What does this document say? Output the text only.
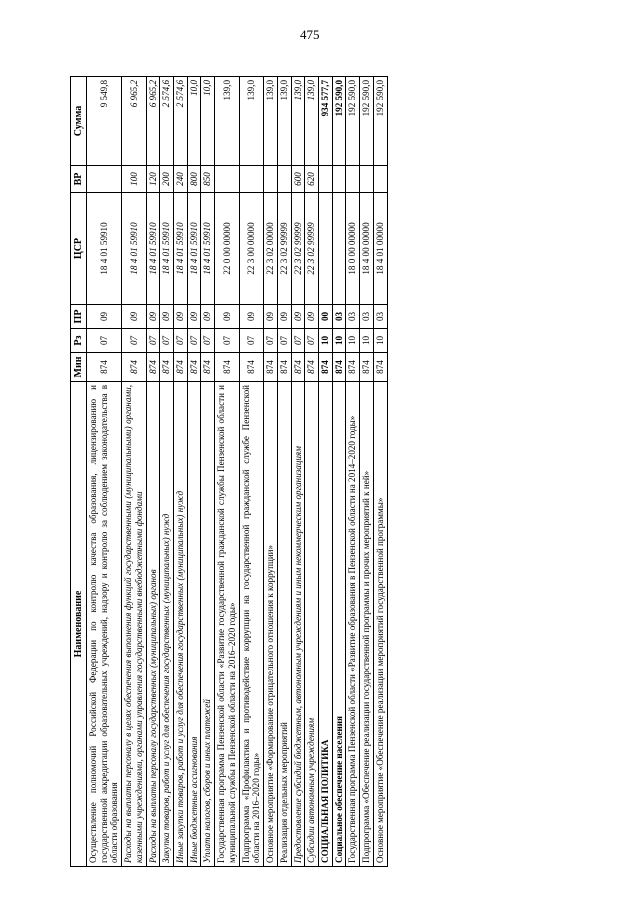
475
Наименование	Мин	Рз	ПР	ЦСР	ВР	Сумма
Осуществление полномочий Российской Федерации по контролю качества образования, лицензированию и государственной аккредитации образовательных учреждений, надзору и контролю за соблюдением законодательства в области образования	874	07	09	18 4 01 59910		9 549,8
Расходы на выплаты персоналу в целях обеспечения выполнения функций государственными (муниципальными) органами, казенными учреждениями, органами управления государственными внебюджетными фондами	874	07	09	18 4 01 59910	100	6 965,2
Расходы на выплаты персоналу государственных (муниципальных) органов	874	07	09	18 4 01 59910	120	6 965,2
Закупка товаров, работ и услуг для обеспечения государственных (муниципальных) нужд	874	07	09	18 4 01 59910	200	2 574,6
Иные закупки товаров, работ и услуг для обеспечения государственных (муниципальных) нужд	874	07	09	18 4 01 59910	240	2 574,6
Иные бюджетные ассигнования	874	07	09	18 4 01 59910	800	10,0
Уплата налогов, сборов и иных платежей	874	07	09	18 4 01 59910	850	10,0
Государственная программа Пензенской области «Развитие государственной гражданской службы Пензенской области и муниципальной службы в Пензенской области на 2016–2020 годы»	874	07	09	22 0 00 00000		139,0
Подпрограмма «Профилактика и противодействие коррупции на государственной гражданской службе Пензенской области на 2016–2020 годы»	874	07	09	22 3 00 00000		139,0
Основное мероприятие «Формирование отрицательного отношения к коррупции»	874	07	09	22 3 02 00000		139,0
Реализация отдельных мероприятий	874	07	09	22 3 02 99999		139,0
Предоставление субсидий бюджетным, автономным учреждениям и иным некоммерческим организациям	874	07	09	22 3 02 99999	600	139,0
Субсидии автономным учреждениям	874	07	09	22 3 02 99999	620	139,0
СОЦИАЛЬНАЯ ПОЛИТИКА	874	10	00			934 577,7
Социальное обеспечение населения	874	10	03			192 590,0
Государственная программа Пензенской области «Развитие образования в Пензенской области на 2014–2020 годы»	874	10	03	18 0 00 00000		192 590,0
Подпрограмма «Обеспечение реализации государственной программы и прочих мероприятий к ней»	874	10	03	18 4 00 00000		192 590,0
Основное мероприятие «Обеспечение реализации мероприятий государственной программы»	874	10	03	18 4 01 00000		192 590,0
